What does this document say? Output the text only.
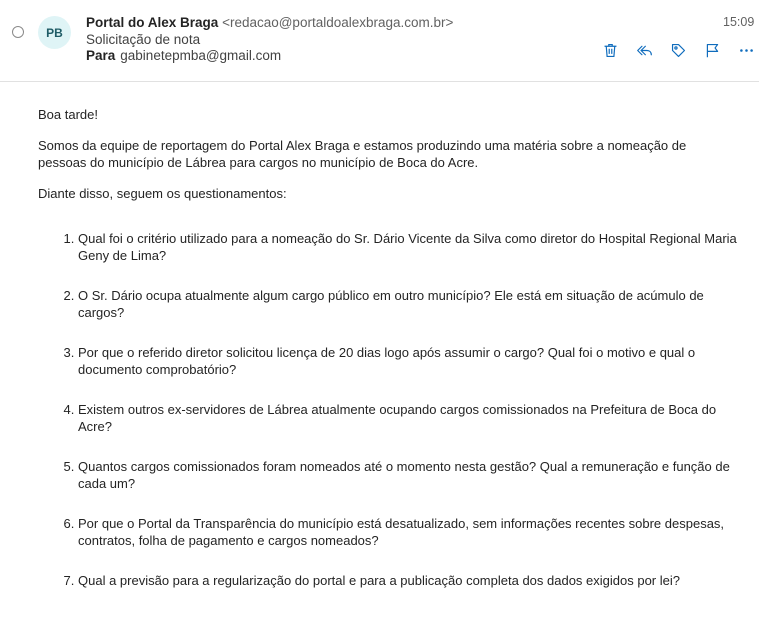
PB
Portal do Alex Braga <redacao@portaldoalexbraga.com.br>
Solicitação de nota
Para gabinetepmba@gmail.com
15:09

Boa tarde!

Somos da equipe de reportagem do Portal Alex Braga e estamos produzindo uma matéria sobre a nomeação de pessoas do município de Lábrea para cargos no município de Boca do Acre.

Diante disso, seguem os questionamentos:

1. Qual foi o critério utilizado para a nomeação do Sr. Dário Vicente da Silva como diretor do Hospital Regional Maria Geny de Lima?
2. O Sr. Dário ocupa atualmente algum cargo público em outro município? Ele está em situação de acúmulo de cargos?
3. Por que o referido diretor solicitou licença de 20 dias logo após assumir o cargo? Qual foi o motivo e qual o documento comprobatório?
4. Existem outros ex-servidores de Lábrea atualmente ocupando cargos comissionados na Prefeitura de Boca do Acre?
5. Quantos cargos comissionados foram nomeados até o momento nesta gestão? Qual a remuneração e função de cada um?
6. Por que o Portal da Transparência do município está desatualizado, sem informações recentes sobre despesas, contratos, folha de pagamento e cargos nomeados?
7. Qual a previsão para a regularização do portal e para a publicação completa dos dados exigidos por lei?
